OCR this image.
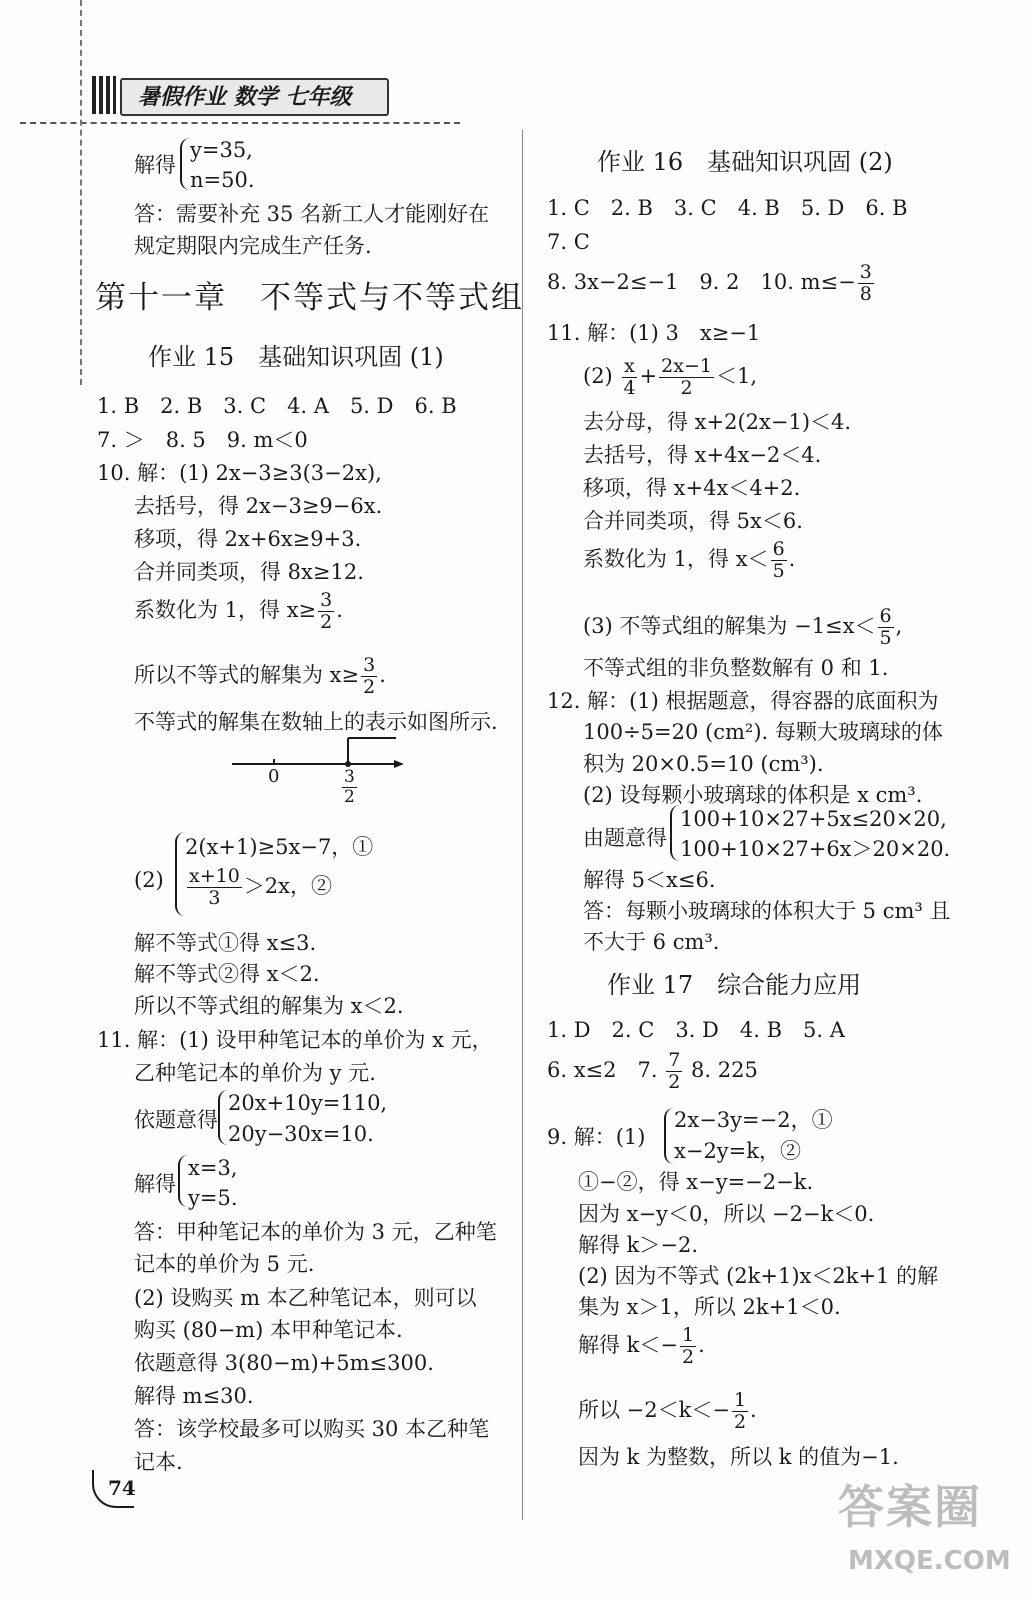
暑假作业 数学 七年级
解得
y=35,
n=50.
答：需要补充 35 名新工人才能刚好在
规定期限内完成生产任务.
第十一章　不等式与不等式组
作业 15　基础知识巩固 (1)
1. B　2. B　3. C　4. A　5. D　6. B
7. ＞　8. 5　9. m＜0
10. 解：(1) 2x−3≥3(3−2x),
去括号，得 2x−3≥9−6x.
移项，得 2x+6x≥9+3.
合并同类项，得 8x≥12.
系数化为 1，得 $x\ge \frac{3}{2}$ .
所以不等式的解集为 $x\ge \frac{3}{2}$ .
不等式的解集在数轴上的表示如图所示.
0	$\frac{3}{2}$
(2)
2(x+1)≥5x−7，①
$\frac{x+10}{3} >2x$，②
解不等式①得 x≤3.
解不等式②得 x＜2.
所以不等式组的解集为 x＜2.
11. 解：(1) 设甲种笔记本的单价为 x 元，
乙种笔记本的单价为 y 元.
依题意得
20x+10y=110,
20y−30x=10.
解得
x=3,
y=5.
答：甲种笔记本的单价为 3 元，乙种笔
记本的单价为 5 元.
(2) 设购买 m 本乙种笔记本，则可以
购买 (80−m) 本甲种笔记本.
依题意得 3(80−m)+5m≤300.
解得 m≤30.
答：该学校最多可以购买 30 本乙种笔
记本.
74
作业 16　基础知识巩固 (2)
1. C　2. B　3. C　4. B　5. D　6. B
7. C
8. 3x−2≤−1　9. 2　10. $m\le- \frac{3}{8}$
11. 解：(1) 3　x≥−1
$(2) \frac{x}{4} + \frac{2x-1}{2} <1$,
去分母，得 x+2(2x−1)＜4.
去括号，得 x+4x−2＜4.
移项，得 x+4x＜4+2.
合并同类项，得 5x＜6.
系数化为 1，得 $x< \frac{6}{5}$ .
(3) 不等式组的解集为 $-1\le x< \frac{6}{5}$ ,
不等式组的非负整数解有 0 和 1.
12. 解：(1) 根据题意，得容器的底面积为
100÷5=20 (cm²). 每颗大玻璃球的体
积为 20×0.5=10 (cm³).
(2) 设每颗小玻璃球的体积是 x cm³.
由题意得
100+10×27+5x≤20×20,
100+10×27+6x＞20×20.
解得 5＜x≤6.
答：每颗小玻璃球的体积大于 5 cm³ 且
不大于 6 cm³.
作业 17　综合能力应用
1. D　2. C　3. D　4. B　5. A
6. x≤2　7. $\frac{7}{2} 8$. 225
9. 解：(1)
2x−3y=−2，①
x−2y=k，②
①−②，得 x−y=−2−k.
因为 x−y＜0，所以 −2−k＜0.
解得 k＞−2.
(2) 因为不等式 (2k+1)x＜2k+1 的解
集为 x＞1，所以 2k+1＜0.
解得 $k<- \frac{1}{2}$ .
所以 $-2<k<- \frac{1}{2}$ .
因为 k 为整数，所以 k 的值为−1.
答案圈
MXQE.COM
